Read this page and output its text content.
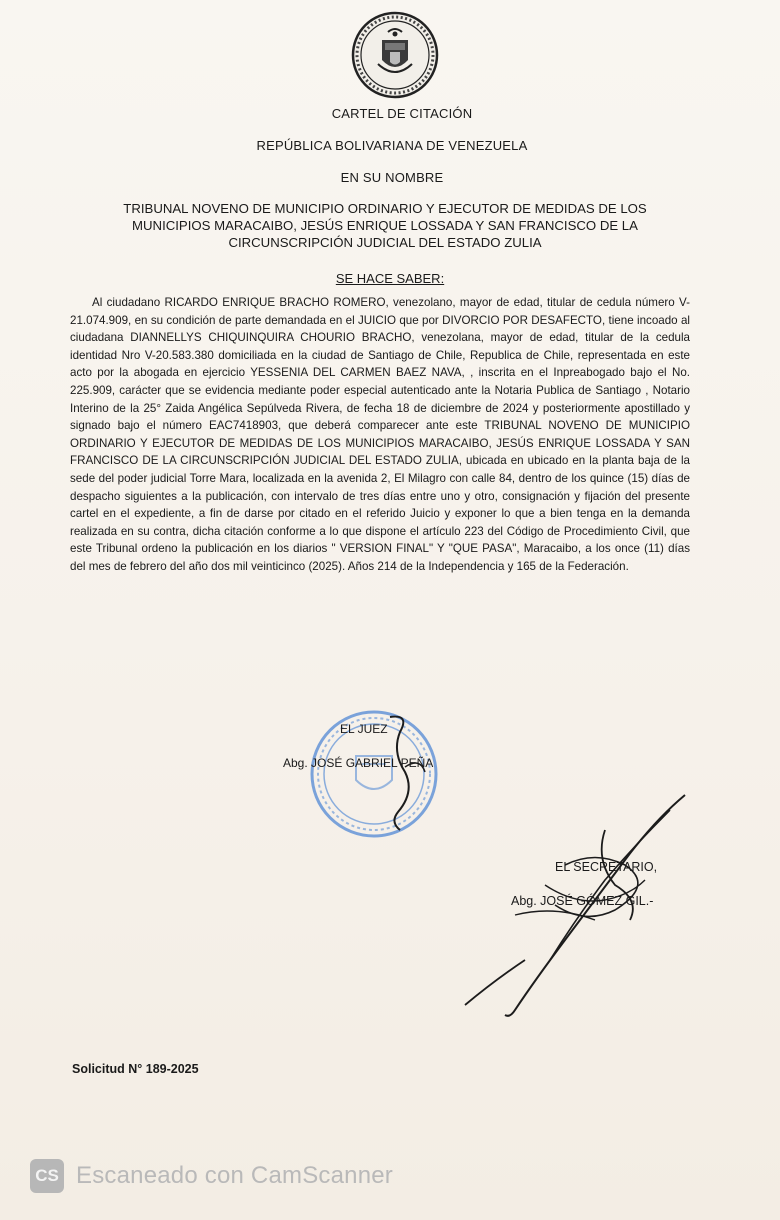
CARTEL DE CITACIÓN
REPÚBLICA BOLIVARIANA DE VENEZUELA
EN SU NOMBRE
TRIBUNAL NOVENO DE MUNICIPIO ORDINARIO Y EJECUTOR DE MEDIDAS DE LOS
MUNICIPIOS MARACAIBO, JESÚS ENRIQUE LOSSADA Y SAN FRANCISCO DE LA
CIRCUNSCRIPCIÓN JUDICIAL DEL ESTADO ZULIA
SE HACE SABER:

Al ciudadano RICARDO ENRIQUE BRACHO ROMERO, venezolano, mayor de edad, titular de cedula número V-21.074.909, en su condición de parte demandada en el JUICIO que por DIVORCIO POR DESAFECTO, tiene incoado al ciudadana DIANNELLYS CHIQUINQUIRA CHOURIO BRACHO, venezolana, mayor de edad, titular de la cedula identidad Nro V-20.583.380 domiciliada en la ciudad de Santiago de Chile, Republica de Chile, representada en este acto por la abogada en ejercicio YESSENIA DEL CARMEN BAEZ NAVA, , inscrita en el Inpreabogado bajo el No. 225.909, carácter que se evidencia mediante poder especial autenticado ante la Notaria Publica de Santiago , Notario Interino de la 25° Zaida Angélica Sepúlveda Rivera, de fecha 18 de diciembre de 2024 y posteriormente apostillado y signado bajo el número EAC7418903, que deberá comparecer ante este TRIBUNAL NOVENO DE MUNICIPIO ORDINARIO Y EJECUTOR DE MEDIDAS DE LOS MUNICIPIOS MARACAIBO, JESÚS ENRIQUE LOSSADA Y SAN FRANCISCO DE LA CIRCUNSCRIPCIÓN JUDICIAL DEL ESTADO ZULIA, ubicada en ubicado en la planta baja de la sede del poder judicial Torre Mara, localizada en la avenida 2, El Milagro con calle 84, dentro de los quince (15) días de despacho siguientes a la publicación, con intervalo de tres días entre uno y otro, consignación y fijación del presente cartel en el expediente, a fin de darse por citado en el referido Juicio y exponer lo que a bien tenga en la demanda realizada en su contra, dicha citación conforme a lo que dispone el artículo 223 del Código de Procedimiento Civil, que este Tribunal ordeno la publicación en los diarios " VERSION FINAL" Y "QUE PASA", Maracaibo, a los once (11) días del mes de febrero del año dos mil veinticinco (2025). Años 214 de la Independencia y 165 de la Federación.

EL JUEZ
Abg. JOSÉ GABRIEL PEÑA
EL SECRETARIO,
Abg. JOSÉ GÓMEZ GIL.-
Solicitud N° 189-2025
CS Escaneado con CamScanner
